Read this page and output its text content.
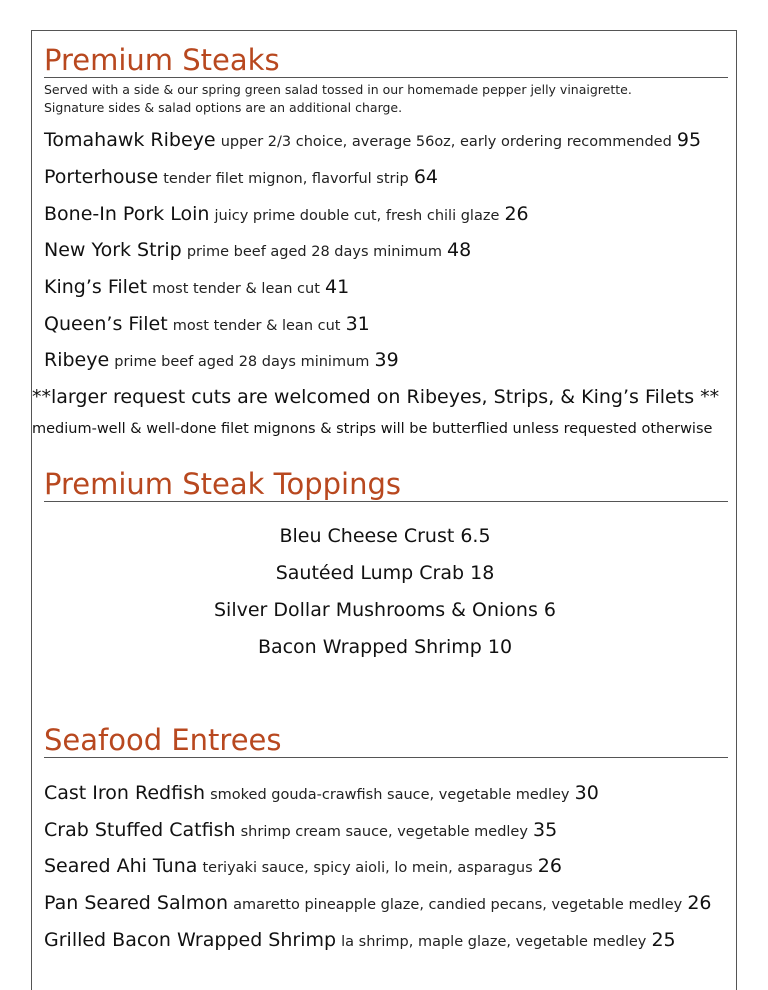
Premium Steaks
Served with a side & our spring green salad tossed in our homemade pepper jelly vinaigrette.
Signature sides & salad options are an additional charge.
Tomahawk Ribeye upper 2/3 choice, average 56oz, early ordering recommended 95
Porterhouse tender filet mignon, flavorful strip 64
Bone-In Pork Loin juicy prime double cut, fresh chili glaze 26
New York Strip prime beef aged 28 days minimum 48
King’s Filet most tender & lean cut 41
Queen’s Filet most tender & lean cut 31
Ribeye prime beef aged 28 days minimum 39
**larger request cuts are welcomed on Ribeyes, Strips, & King’s Filets **
medium-well & well-done filet mignons & strips will be butterflied unless requested otherwise
Premium Steak Toppings
Bleu Cheese Crust 6.5
Sautéed Lump Crab 18
Silver Dollar Mushrooms & Onions 6
Bacon Wrapped Shrimp 10
Seafood Entrees
Cast Iron Redfish smoked gouda-crawfish sauce, vegetable medley 30
Crab Stuffed Catfish shrimp cream sauce, vegetable medley 35
Seared Ahi Tuna teriyaki sauce, spicy aioli, lo mein, asparagus 26
Pan Seared Salmon amaretto pineapple glaze, candied pecans, vegetable medley 26
Grilled Bacon Wrapped Shrimp la shrimp, maple glaze, vegetable medley 25
